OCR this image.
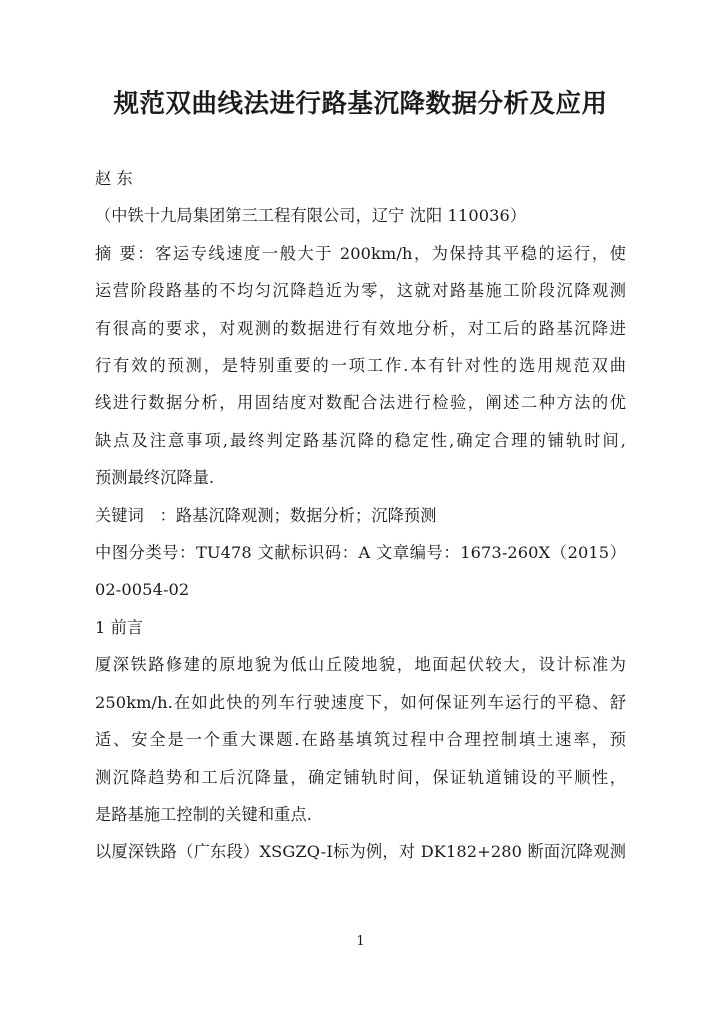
规范双曲线法进行路基沉降数据分析及应用
赵 东
（中铁十九局集团第三工程有限公司，辽宁 沈阳 110036）
摘 要：客运专线速度一般大于 200km/h，为保持其平稳的运行，使
运营阶段路基的不均匀沉降趋近为零，这就对路基施工阶段沉降观测
有很高的要求，对观测的数据进行有效地分析，对工后的路基沉降进
行有效的预测，是特别重要的一项工作.本有针对性的选用规范双曲
线进行数据分析，用固结度对数配合法进行检验，阐述二种方法的优
缺点及注意事项,最终判定路基沉降的稳定性,确定合理的铺轨时间,
预测最终沉降量.
关键词   ：路基沉降观测；数据分析；沉降预测
中图分类号：TU478 文献标识码：A 文章编号：1673-260X（2015）
02-0054-02
1 前言
厦深铁路修建的原地貌为低山丘陵地貌，地面起伏较大，设计标准为
250km/h.在如此快的列车行驶速度下，如何保证列车运行的平稳、舒
适、安全是一个重大课题.在路基填筑过程中合理控制填土速率，预
测沉降趋势和工后沉降量，确定铺轨时间，保证轨道铺设的平顺性，
是路基施工控制的关键和重点.
以厦深铁路（广东段）XSGZQ-Ⅰ标为例，对 DK182+280 断面沉降观测
1
